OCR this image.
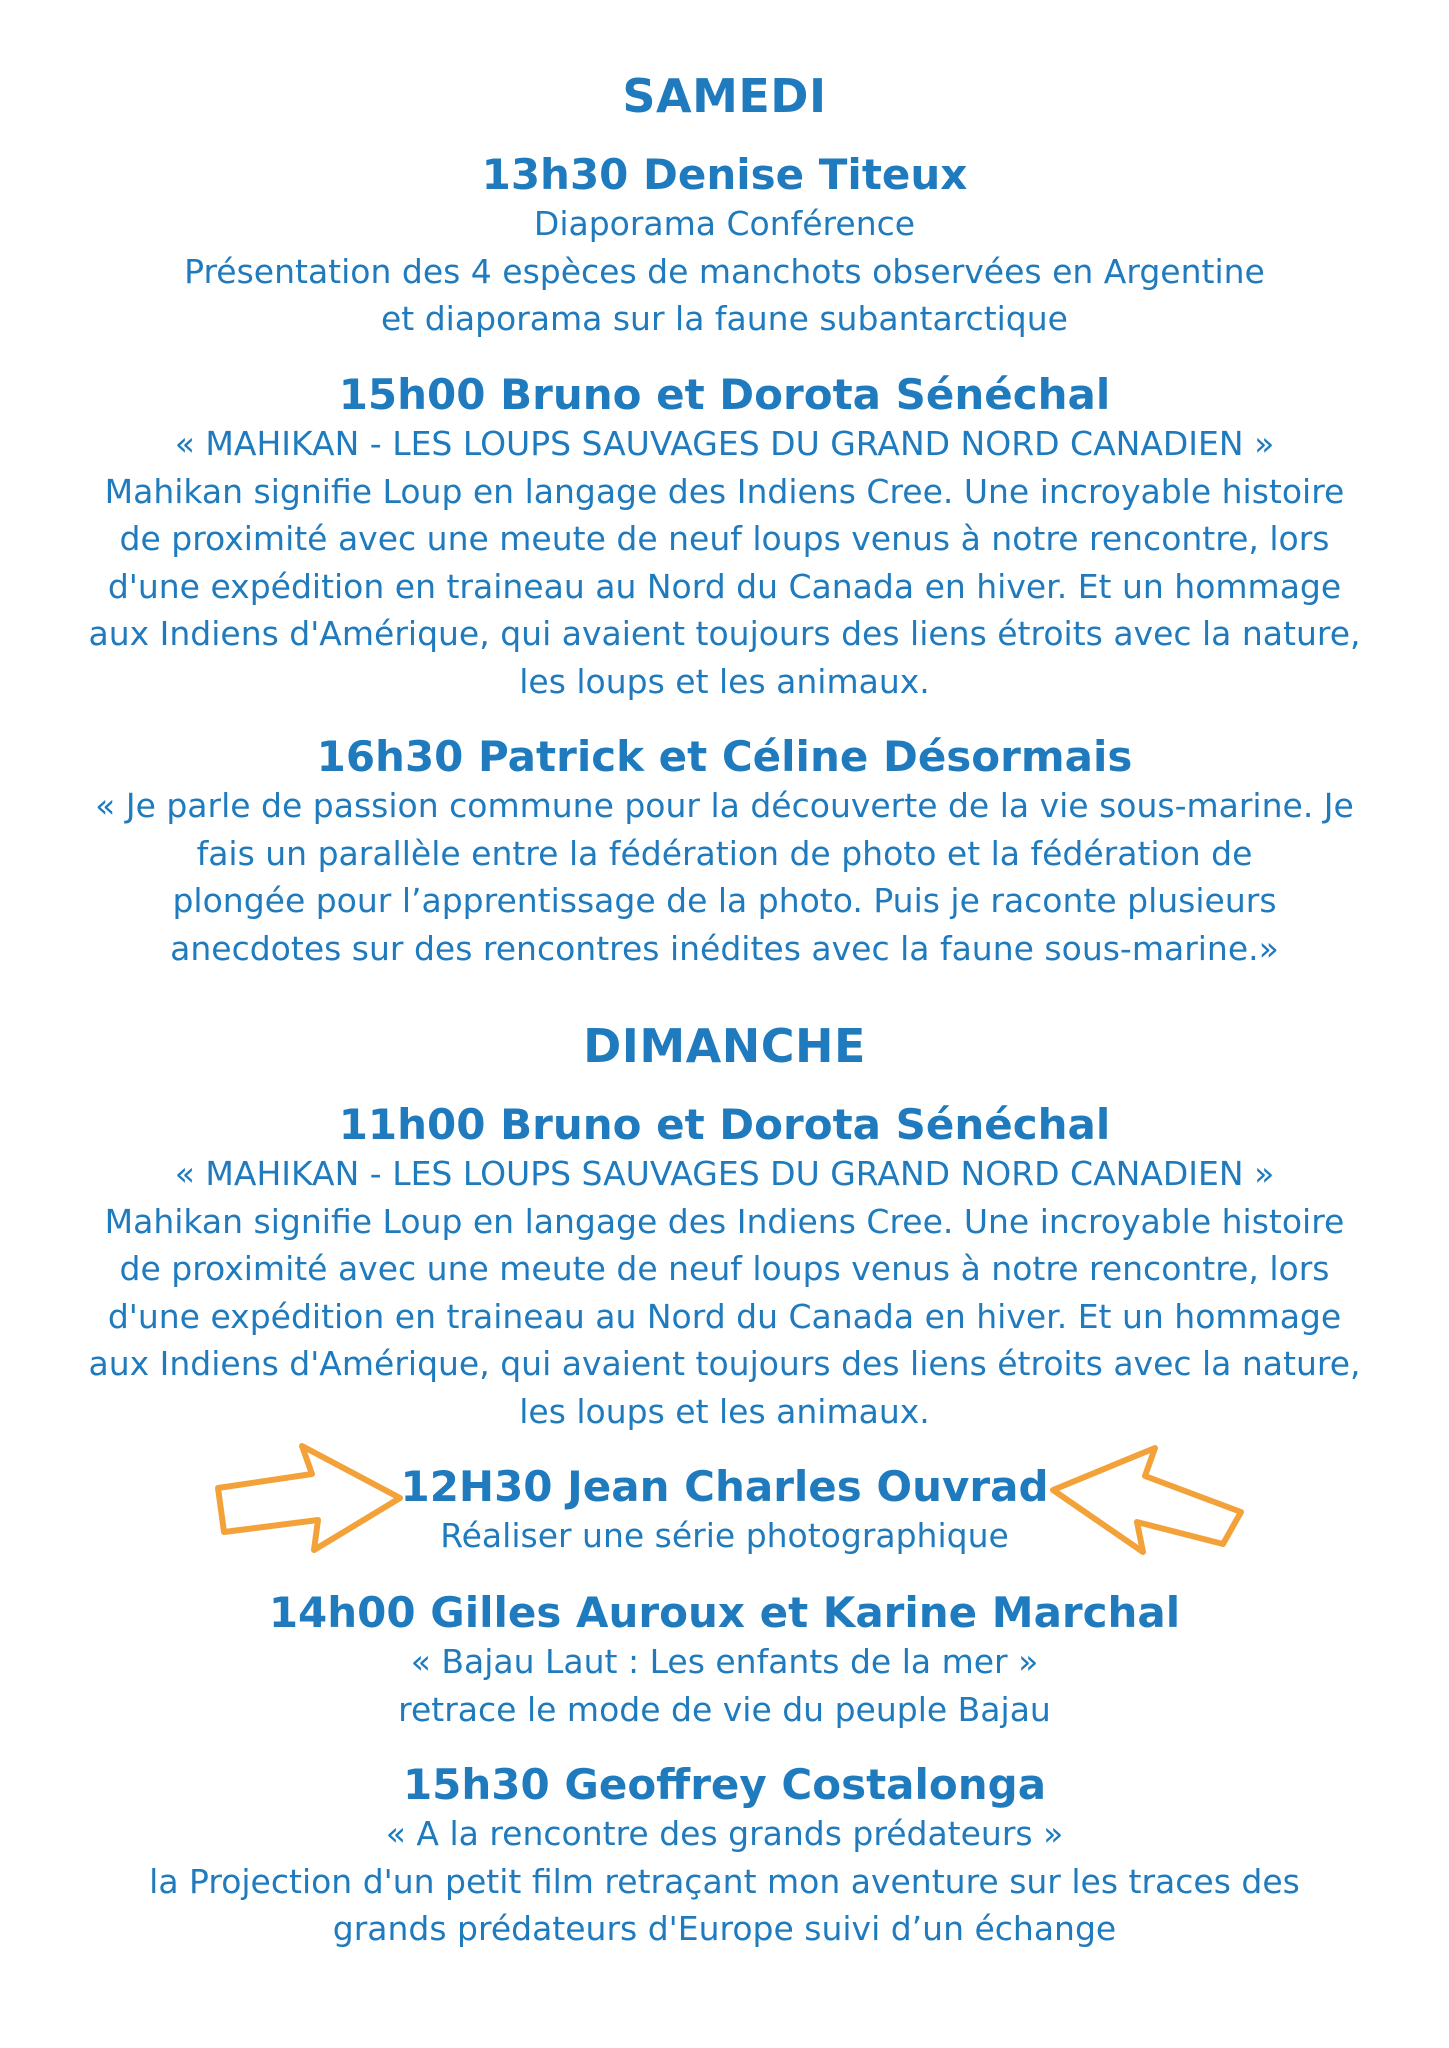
SAMEDI
13h30 Denise Titeux
Diaporama Conférence
Présentation des 4 espèces de manchots observées en Argentine
et diaporama sur la faune subantarctique
15h00 Bruno et Dorota Sénéchal
« MAHIKAN - LES LOUPS SAUVAGES DU GRAND NORD CANADIEN »
Mahikan signifie Loup en langage des Indiens Cree. Une incroyable histoire
de proximité avec une meute de neuf loups venus à notre rencontre, lors
d'une expédition en traineau au Nord du Canada en hiver. Et un hommage
aux Indiens d'Amérique, qui avaient toujours des liens étroits avec la nature,
les loups et les animaux.
16h30 Patrick et Céline Désormais
« Je parle de passion commune pour la découverte de la vie sous-marine. Je
fais un parallèle entre la fédération de photo et la fédération de
plongée pour l’apprentissage de la photo. Puis je raconte plusieurs
anecdotes sur des rencontres inédites avec la faune sous-marine.»
DIMANCHE
11h00 Bruno et Dorota Sénéchal
« MAHIKAN - LES LOUPS SAUVAGES DU GRAND NORD CANADIEN »
Mahikan signifie Loup en langage des Indiens Cree. Une incroyable histoire
de proximité avec une meute de neuf loups venus à notre rencontre, lors
d'une expédition en traineau au Nord du Canada en hiver. Et un hommage
aux Indiens d'Amérique, qui avaient toujours des liens étroits avec la nature,
les loups et les animaux.
12H30 Jean Charles Ouvrad
Réaliser une série photographique
14h00 Gilles Auroux et Karine Marchal
« Bajau Laut : Les enfants de la mer »
retrace le mode de vie du peuple Bajau
15h30 Geoffrey Costalonga
« A la rencontre des grands prédateurs »
la Projection d'un petit film retraçant mon aventure sur les traces des
grands prédateurs d'Europe suivi d’un échange
